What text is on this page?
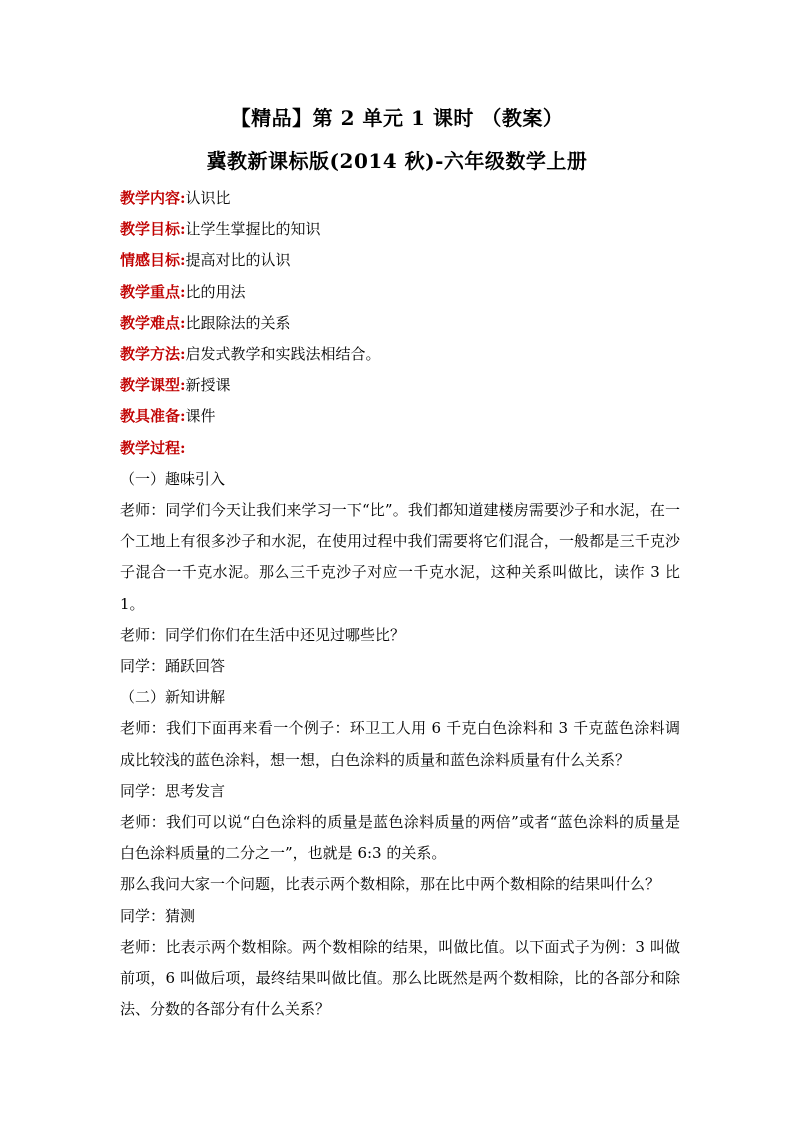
【精品】第 2 单元 1 课时 （教案）
冀教新课标版(2014 秋)-六年级数学上册
教学内容:认识比
教学目标:让学生掌握比的知识
情感目标:提高对比的认识
教学重点:比的用法
教学难点:比跟除法的关系
教学方法:启发式教学和实践法相结合。
教学课型:新授课
教具准备:课件
教学过程:
（一）趣味引入
老师：同学们今天让我们来学习一下“比”。我们都知道建楼房需要沙子和水泥，在一个工地上有很多沙子和水泥，在使用过程中我们需要将它们混合，一般都是三千克沙子混合一千克水泥。那么三千克沙子对应一千克水泥，这种关系叫做比，读作 3 比 1。
老师：同学们你们在生活中还见过哪些比？
同学：踊跃回答
（二）新知讲解
老师：我们下面再来看一个例子：环卫工人用 6 千克白色涂料和 3 千克蓝色涂料调成比较浅的蓝色涂料，想一想，白色涂料的质量和蓝色涂料质量有什么关系？
同学：思考发言
老师：我们可以说“白色涂料的质量是蓝色涂料质量的两倍”或者“蓝色涂料的质量是白色涂料质量的二分之一”，也就是 6:3 的关系。
那么我问大家一个问题，比表示两个数相除，那在比中两个数相除的结果叫什么？
同学：猜测
老师：比表示两个数相除。两个数相除的结果，叫做比值。以下面式子为例：3 叫做前项，6 叫做后项，最终结果叫做比值。那么比既然是两个数相除，比的各部分和除法、分数的各部分有什么关系？
